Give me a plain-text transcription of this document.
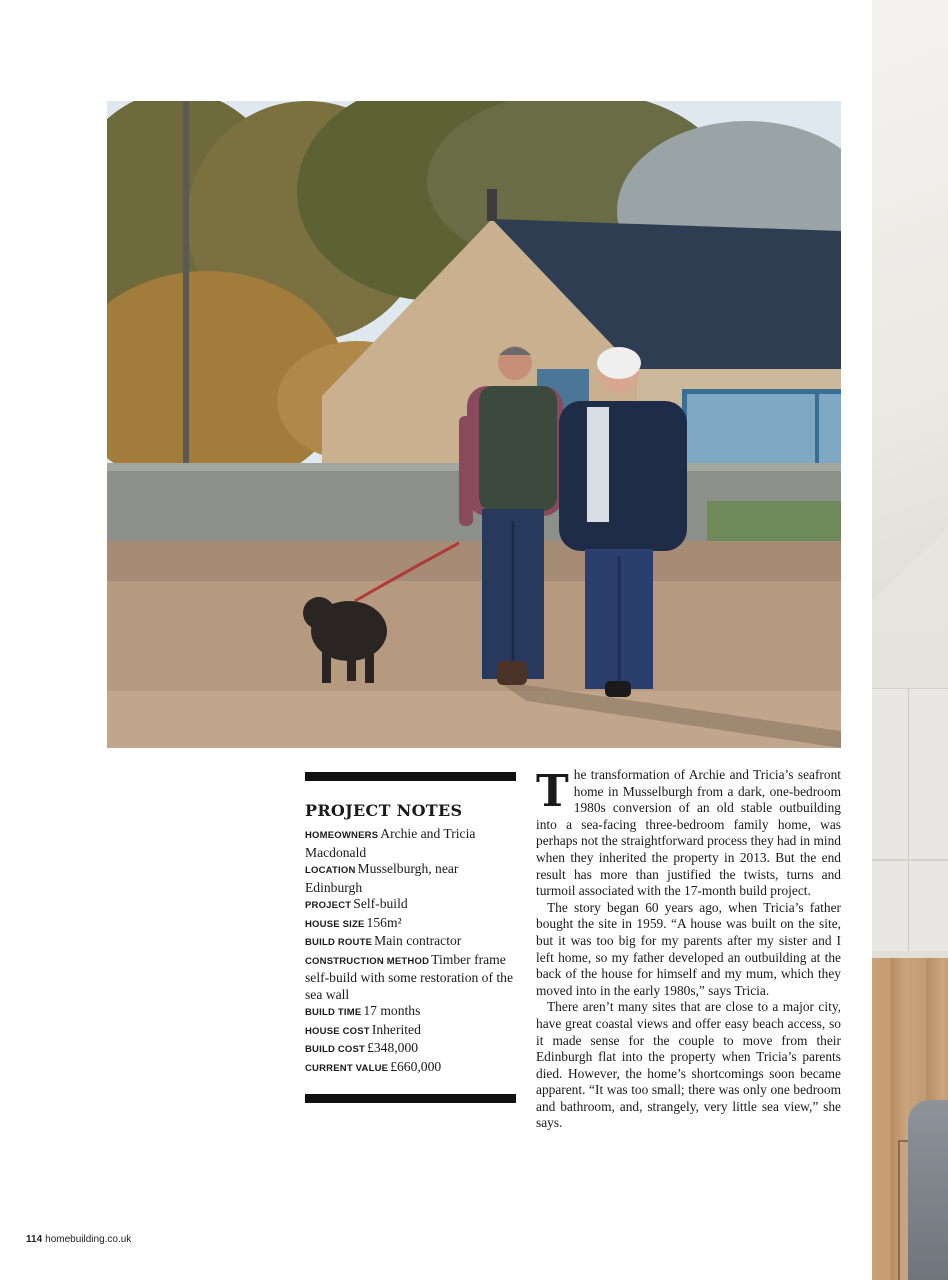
PROJECT NOTES
HOMEOWNERS Archie and Tricia Macdonald
LOCATION Musselburgh, near Edinburgh
PROJECT Self-build
HOUSE SIZE 156m²
BUILD ROUTE Main contractor
CONSTRUCTION METHOD Timber frame self-build with some restoration of the sea wall
BUILD TIME 17 months
HOUSE COST Inherited
BUILD COST £348,000
CURRENT VALUE £660,000

The transformation of Archie and Tricia’s seafront home in Musselburgh from a dark, one-bedroom 1980s conversion of an old stable outbuilding into a sea-facing three-bedroom family home, was perhaps not the straightforward process they had in mind when they inherited the property in 2013. But the end result has more than justified the twists, turns and turmoil associated with the 17-month build project.

The story began 60 years ago, when Tricia’s father bought the site in 1959. “A house was built on the site, but it was too big for my parents after my sister and I left home, so my father developed an outbuilding at the back of the house for himself and my mum, which they moved into in the early 1980s,” says Tricia.

There aren’t many sites that are close to a major city, have great coastal views and offer easy beach access, so it made sense for the couple to move from their Edinburgh flat into the property when Tricia’s parents died. However, the home’s shortcomings soon became apparent. “It was too small; there was only one bedroom and bathroom, and, strangely, very little sea view,” she says.

114 homebuilding.co.uk
